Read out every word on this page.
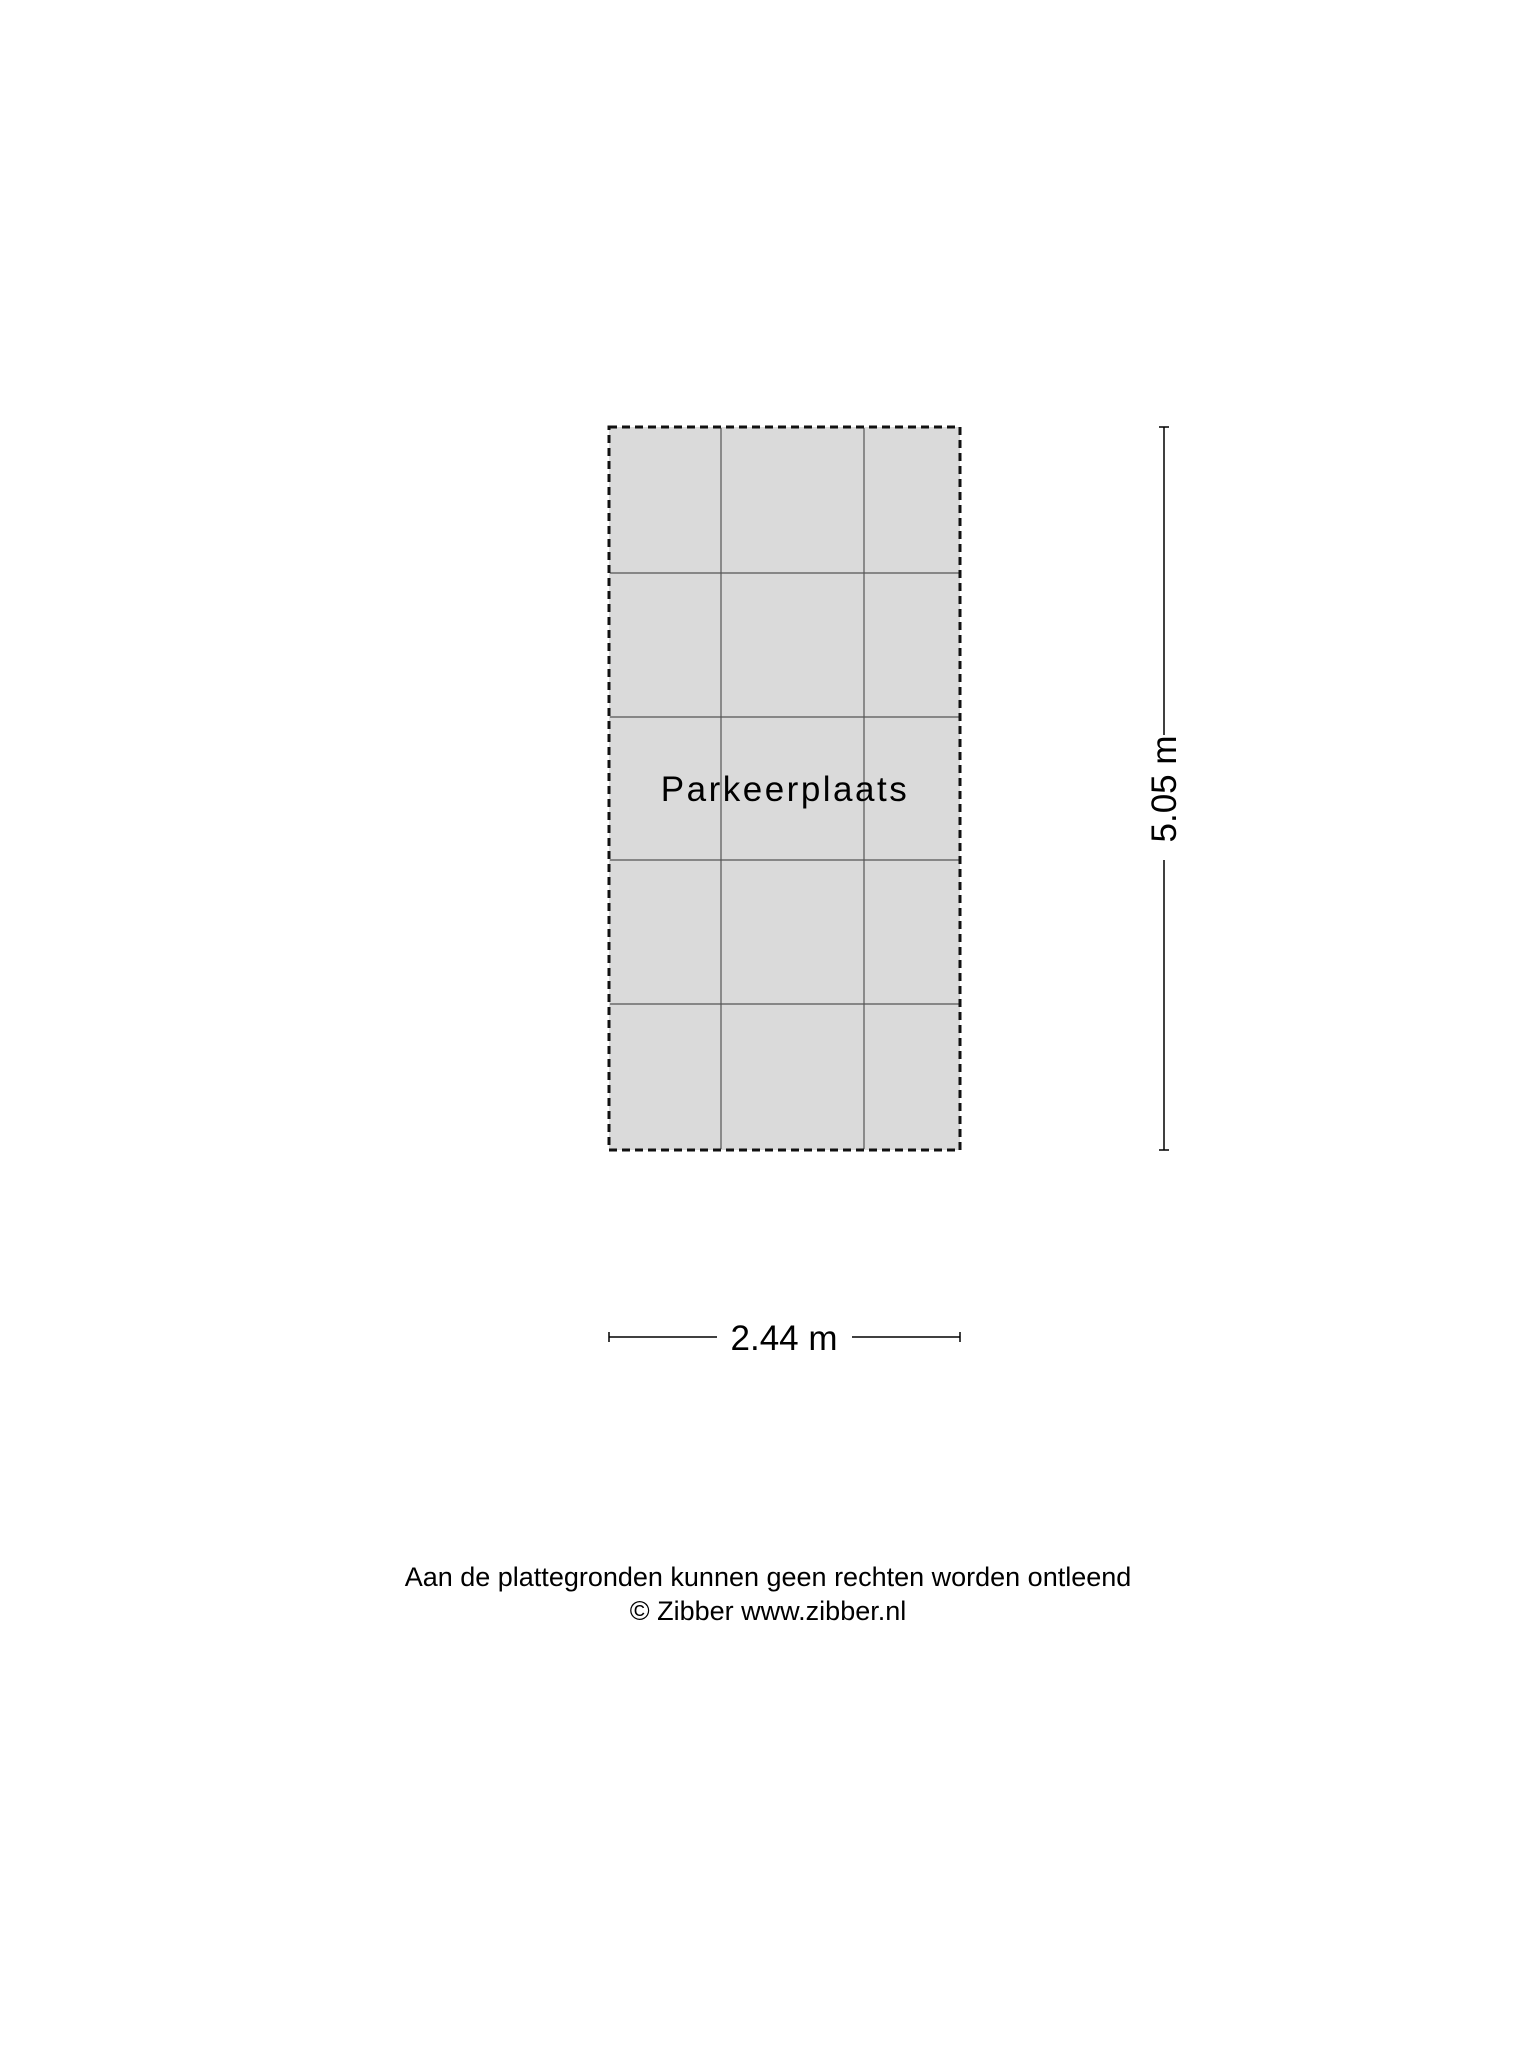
Parkeerplaats	5.05 m
2.44 m
Aan de plattegronden kunnen geen rechten worden ontleend
© Zibber www.zibber.nl
